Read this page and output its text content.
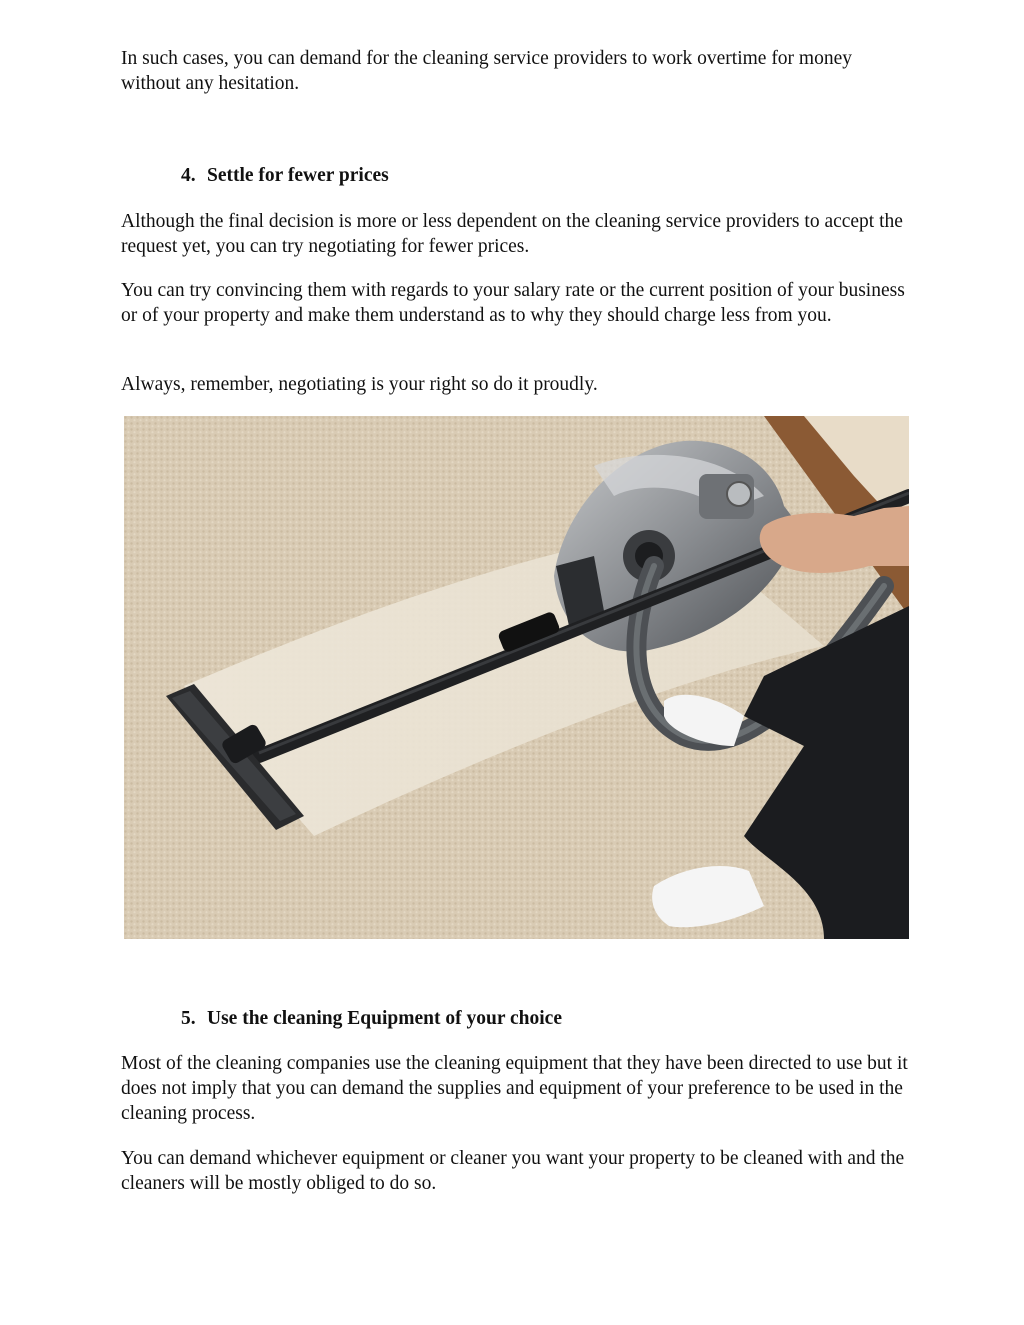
In such cases, you can demand for the cleaning service providers to work overtime for money without any hesitation.

4. Settle for fewer prices

Although the final decision is more or less dependent on the cleaning service providers to accept the request yet, you can try negotiating for fewer prices.

You can try convincing them with regards to your salary rate or the current position of your business or of your property and make them understand as to why they should charge less from you.

Always, remember, negotiating is your right so do it proudly.

5. Use the cleaning Equipment of your choice

Most of the cleaning companies use the cleaning equipment that they have been directed to use but it does not imply that you can demand the supplies and equipment of your preference to be used in the cleaning process.

You can demand whichever equipment or cleaner you want your property to be cleaned with and the cleaners will be mostly obliged to do so.
